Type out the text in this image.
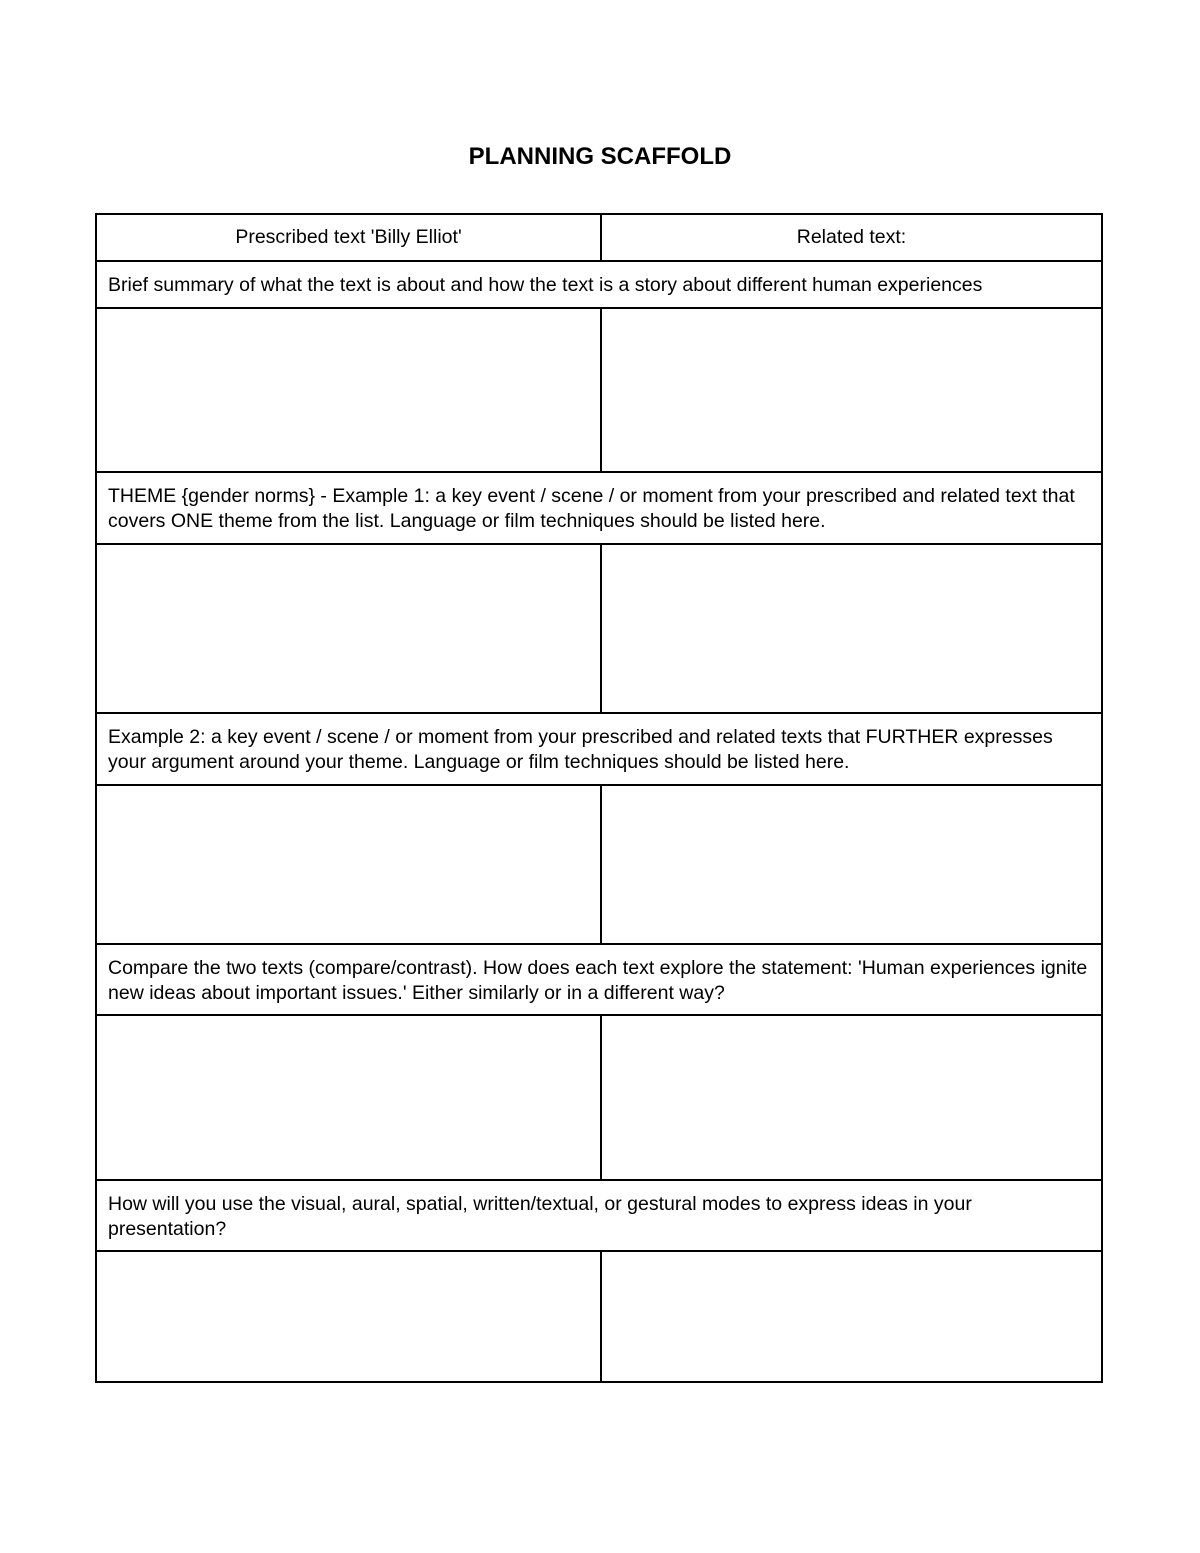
PLANNING SCAFFOLD
Prescribed text 'Billy Elliot'	Related text:
Brief summary of what the text is about and how the text is a story about different human experiences	

THEME {gender norms} - Example 1: a key event / scene / or moment from your prescribed and related text that covers ONE theme from the list. Language or film techniques should be listed here.	

Example 2: a key event / scene / or moment from your prescribed and related texts that FURTHER expresses your argument around your theme. Language or film techniques should be listed here.	

Compare the two texts (compare/contrast). How does each text explore the statement: 'Human experiences ignite new ideas about important issues.' Either similarly or in a different way?	

How will you use the visual, aural, spatial, written/textual, or gestural modes to express ideas in your presentation?	
